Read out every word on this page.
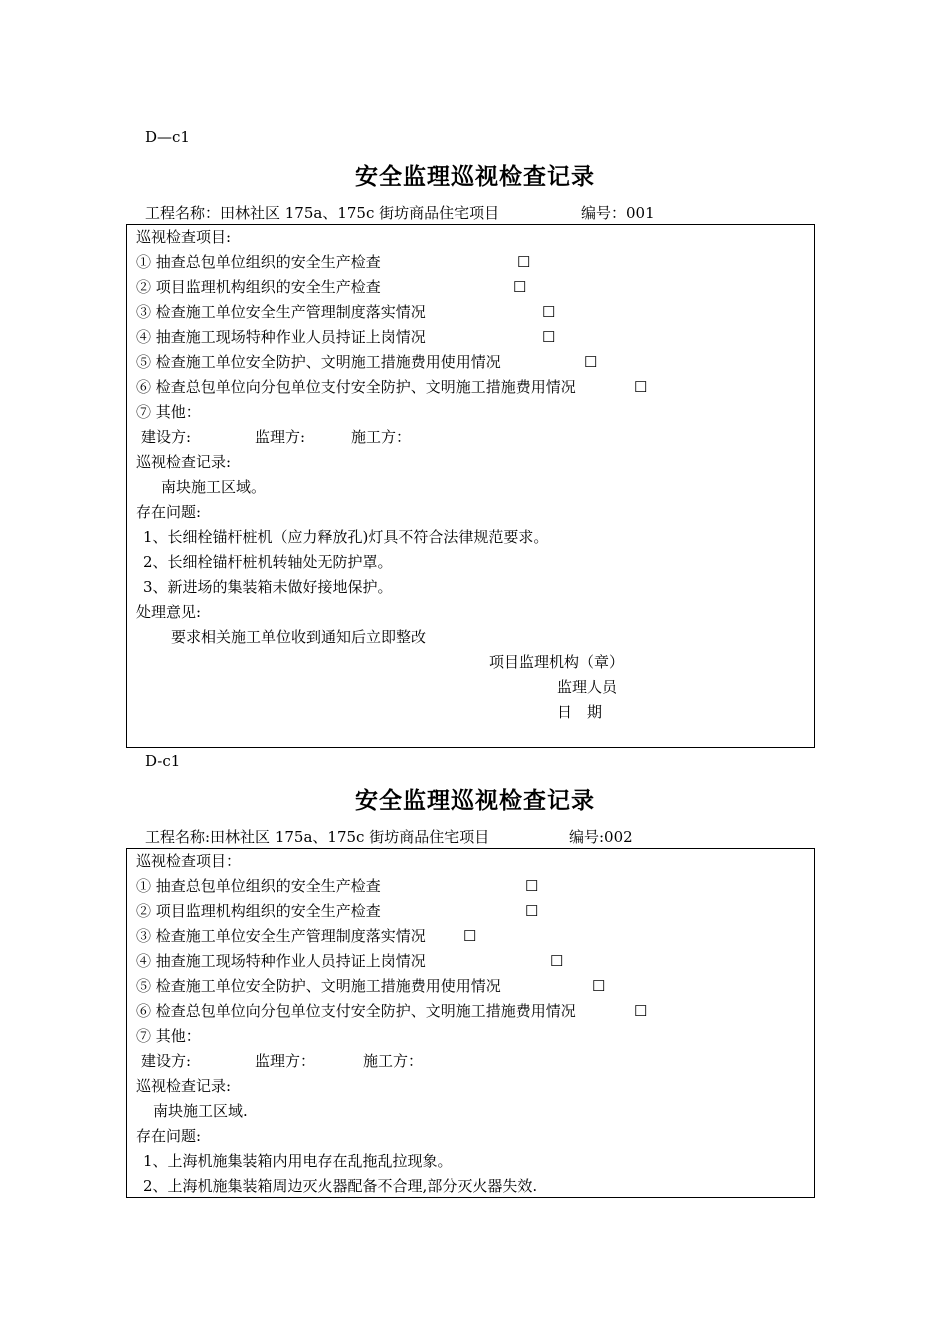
D—c1
安全监理巡视检查记录
工程名称：田林社区 175a、175c 街坊商品住宅项目	编号：001
巡视检查项目:
① 抽查总包单位组织的安全生产检查	☐
② 项目监理机构组织的安全生产检查	☐
③ 检查施工单位安全生产管理制度落实情况	☐
④ 抽查施工现场特种作业人员持证上岗情况	☐
⑤ 检查施工单位安全防护、文明施工措施费用使用情况	☐
⑥ 检查总包单位向分包单位支付安全防护、文明施工措施费用情况	☐
⑦ 其他：
建设方:	监理方:	施工方：
巡视检查记录:
南块施工区域。
存在问题:
1、长细栓锚杆桩机（应力释放孔)灯具不符合法律规范要求。
2、长细栓锚杆桩机转轴处无防护罩。
3、新进场的集装箱未做好接地保护。
处理意见:
要求相关施工单位收到通知后立即整改
项目监理机构（章）
监理人员
日　期
D-c1
安全监理巡视检查记录
工程名称:田林社区 175a、175c 街坊商品住宅项目	编号:002
巡视检查项目：
① 抽查总包单位组织的安全生产检查	☐
② 项目监理机构组织的安全生产检查	☐
③ 检查施工单位安全生产管理制度落实情况 ☐
④ 抽查施工现场特种作业人员持证上岗情况	☐
⑤ 检查施工单位安全防护、文明施工措施费用使用情况	☐
⑥ 检查总包单位向分包单位支付安全防护、文明施工措施费用情况	☐
⑦ 其他：
建设方:	监理方：	施工方：
巡视检查记录:
南块施工区域.
存在问题:
1、上海机施集装箱内用电存在乱拖乱拉现象。
2、上海机施集装箱周边灭火器配备不合理,部分灭火器失效.
